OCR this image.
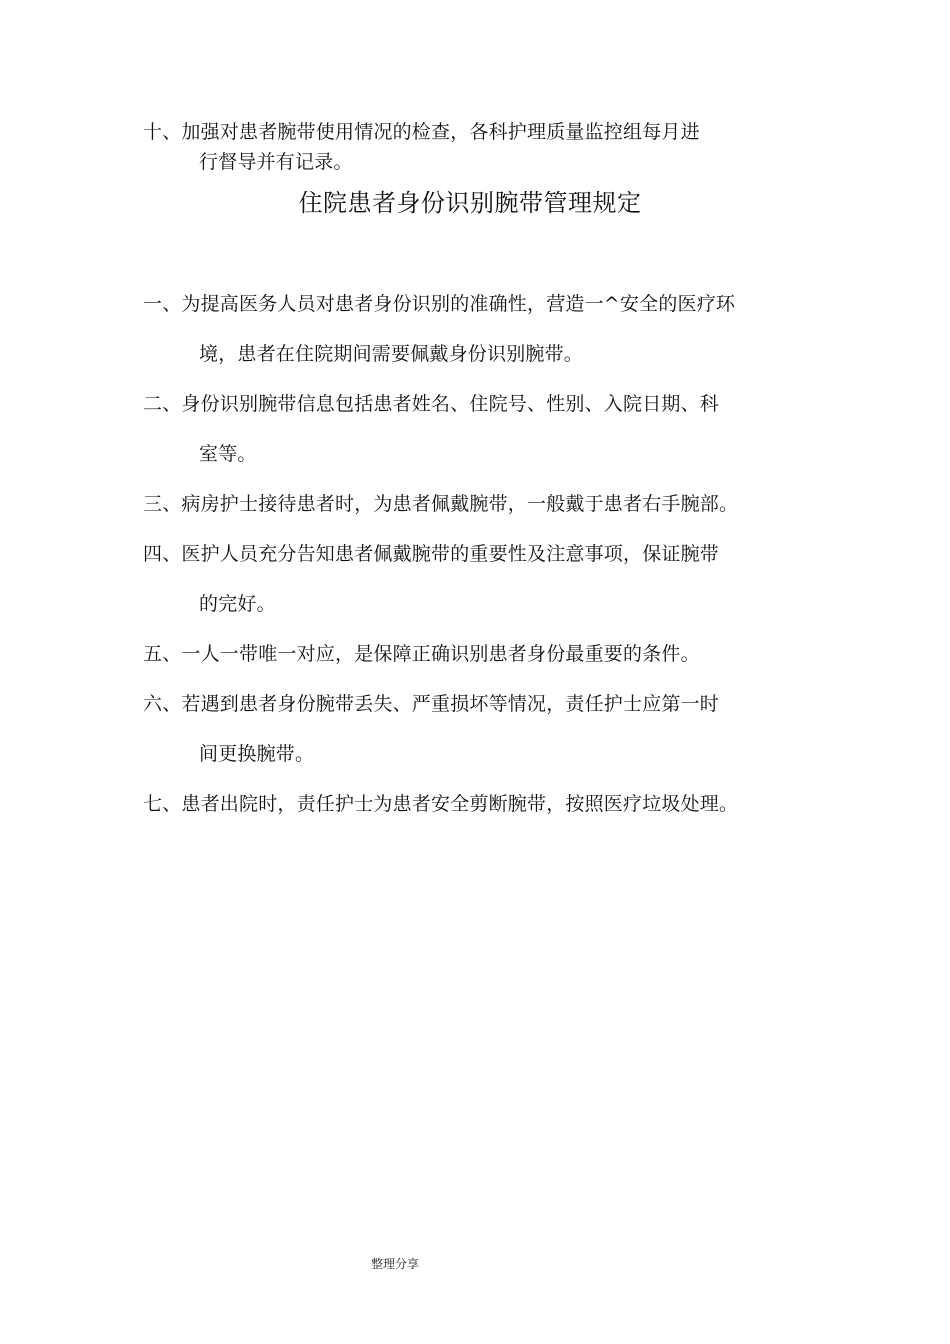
十、加强对患者腕带使用情况的检查，各科护理质量监控组每月进
行督导并有记录。
住院患者身份识别腕带管理规定
一、为提高医务人员对患者身份识别的准确性，营造一^安全的医疗环
境，患者在住院期间需要佩戴身份识别腕带。
二、身份识别腕带信息包括患者姓名、住院号、性别、入院日期、科
室等。
三、病房护士接待患者时，为患者佩戴腕带，一般戴于患者右手腕部。
四、医护人员充分告知患者佩戴腕带的重要性及注意事项，保证腕带
的完好。
五、一人一带唯一对应，是保障正确识别患者身份最重要的条件。
六、若遇到患者身份腕带丢失、严重损坏等情况，责任护士应第一时
间更换腕带。
七、患者出院时，责任护士为患者安全剪断腕带，按照医疗垃圾处理。
整理分享
